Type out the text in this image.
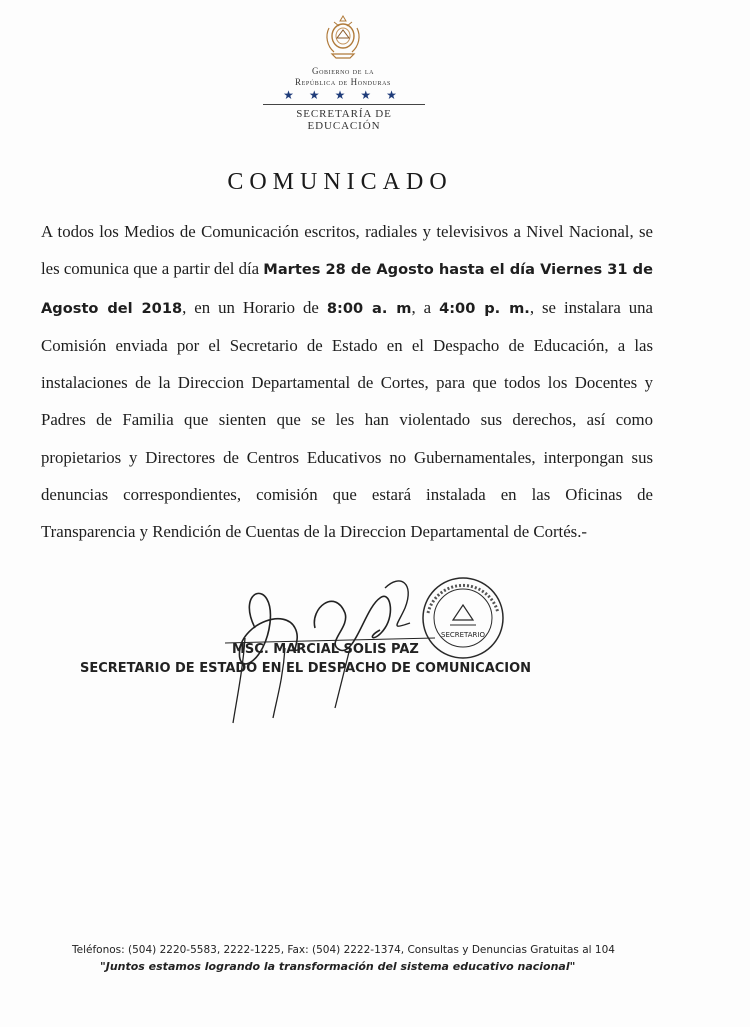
Gobierno de la
República de Honduras
★ ★ ★ ★ ★
SECRETARÍA DE EDUCACIÓN
COMUNICADO
A todos los Medios de Comunicación escritos, radiales y televisivos a Nivel Nacional, se les comunica que a partir del día Martes 28 de Agosto hasta el día Viernes 31 de Agosto del 2018, en un Horario de 8:00 a. m, a 4:00 p. m., se instalara una Comisión enviada por el Secretario de Estado en el Despacho de Educación, a las instalaciones de la Direccion Departamental de Cortes, para que todos los Docentes y Padres de Familia que sienten que se les han violentado sus derechos, así como propietarios y Directores de Centros Educativos no Gubernamentales, interpongan sus denuncias correspondientes, comisión que estará instalada en las Oficinas de Transparencia y Rendición de Cuentas de la Direccion Departamental de Cortés.-
SECRETARIO
MSC. MARCIAL SOLIS PAZ
SECRETARIO DE ESTADO EN EL DESPACHO DE COMUNICACION
Teléfonos: (504) 2220-5583, 2222-1225, Fax: (504) 2222-1374, Consultas y Denuncias Gratuitas al 104
"Juntos estamos logrando la transformación del sistema educativo nacional"
